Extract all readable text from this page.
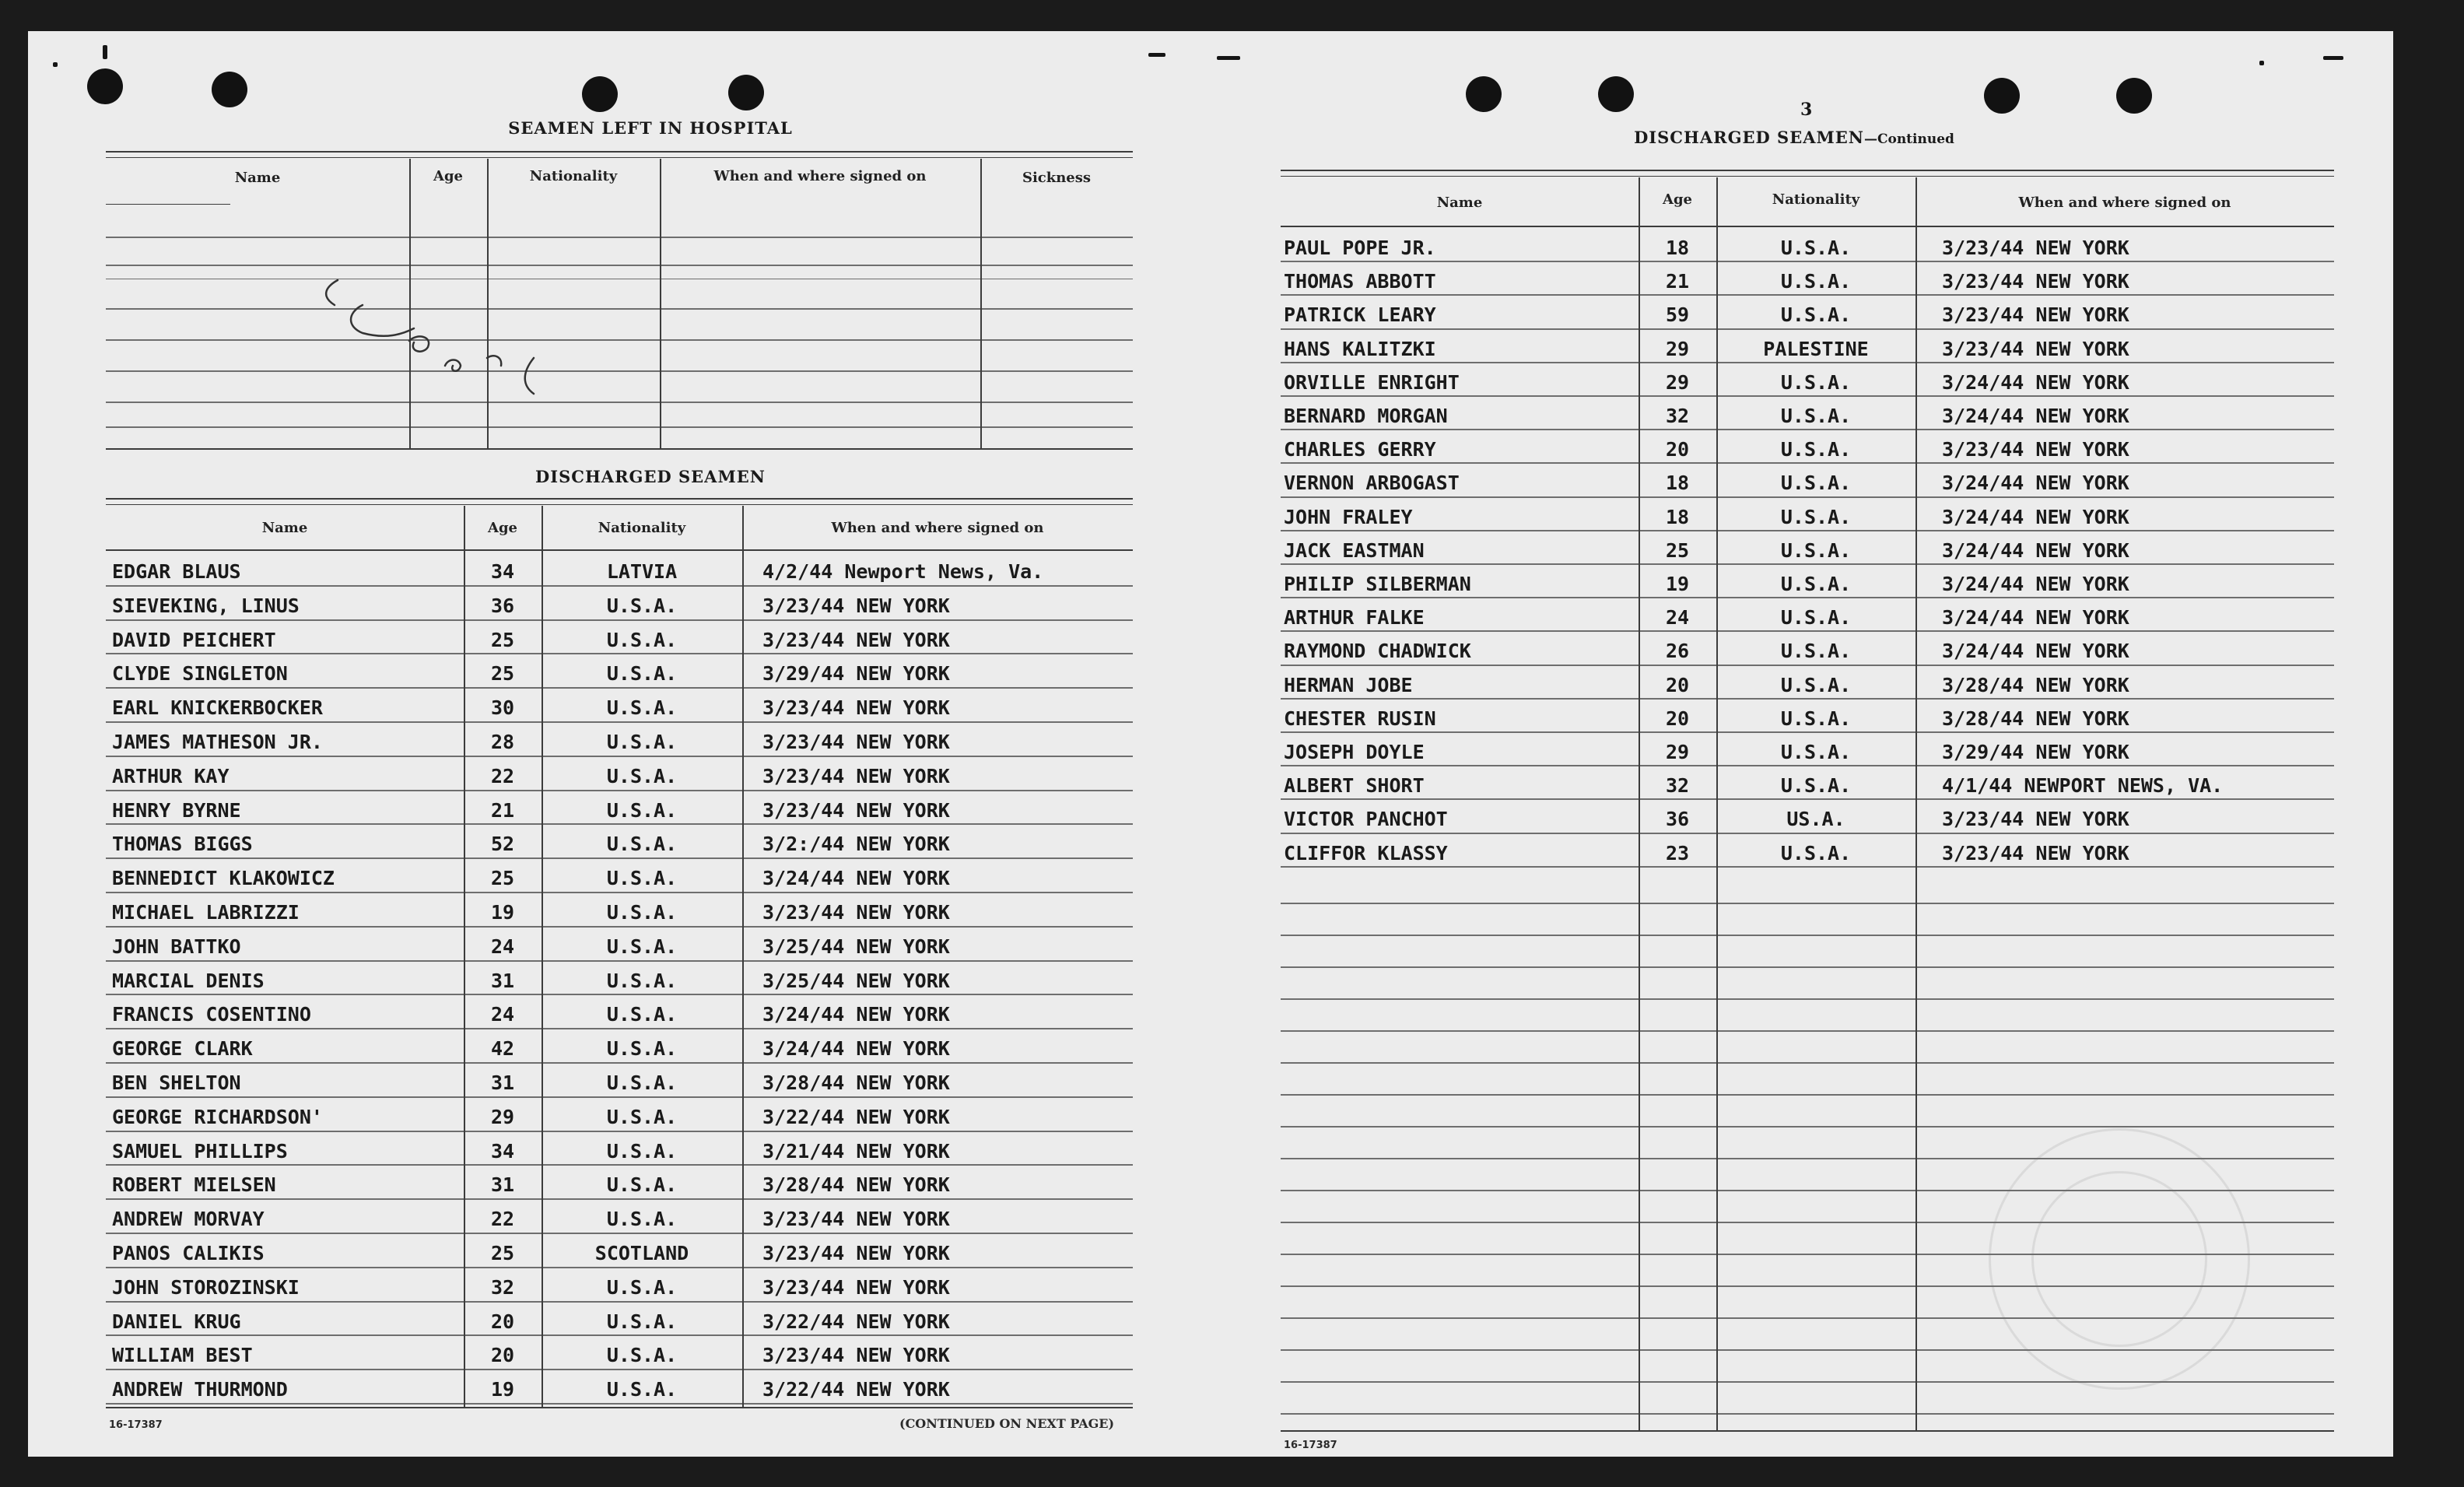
SEAMEN LEFT IN HOSPITAL
Name	Age	Nationality	When and where signed on	Sickness
DISCHARGED SEAMEN
Name	Age	Nationality	When and where signed on
EDGAR BLAUS	34	LATVIA	4/2/44 Newport News, Va.
SIEVEKING, LINUS	36	U.S.A.	3/23/44 NEW YORK
DAVID PEICHERT	25	U.S.A.	3/23/44 NEW YORK
CLYDE SINGLETON	25	U.S.A.	3/29/44 NEW YORK
EARL KNICKERBOCKER	30	U.S.A.	3/23/44 NEW YORK
JAMES MATHESON JR.	28	U.S.A.	3/23/44 NEW YORK
ARTHUR KAY	22	U.S.A.	3/23/44 NEW YORK
HENRY BYRNE	21	U.S.A.	3/23/44 NEW YORK
THOMAS BIGGS	52	U.S.A.	3/2:/44 NEW YORK
BENNEDICT KLAKOWICZ	25	U.S.A.	3/24/44 NEW YORK
MICHAEL LABRIZZI	19	U.S.A.	3/23/44 NEW YORK
JOHN BATTKO	24	U.S.A.	3/25/44 NEW YORK
MARCIAL DENIS	31	U.S.A.	3/25/44 NEW YORK
FRANCIS COSENTINO	24	U.S.A.	3/24/44 NEW YORK
GEORGE CLARK	42	U.S.A.	3/24/44 NEW YORK
BEN SHELTON	31	U.S.A.	3/28/44 NEW YORK
GEORGE RICHARDSON'	29	U.S.A.	3/22/44 NEW YORK
SAMUEL PHILLIPS	34	U.S.A.	3/21/44 NEW YORK
ROBERT MIELSEN	31	U.S.A.	3/28/44 NEW YORK
ANDREW MORVAY	22	U.S.A.	3/23/44 NEW YORK
PANOS CALIKIS	25	SCOTLAND	3/23/44 NEW YORK
JOHN STOROZINSKI	32	U.S.A.	3/23/44 NEW YORK
DANIEL KRUG	20	U.S.A.	3/22/44 NEW YORK
WILLIAM BEST	20	U.S.A.	3/23/44 NEW YORK
ANDREW THURMOND	19	U.S.A.	3/22/44 NEW YORK
16-17387	(CONTINUED ON NEXT PAGE)
3
DISCHARGED SEAMEN—Continued
Name	Age	Nationality	When and where signed on
PAUL POPE JR.	18	U.S.A.	3/23/44 NEW YORK
THOMAS ABBOTT	21	U.S.A.	3/23/44 NEW YORK
PATRICK LEARY	59	U.S.A.	3/23/44 NEW YORK
HANS KALITZKI	29	PALESTINE	3/23/44 NEW YORK
ORVILLE ENRIGHT	29	U.S.A.	3/24/44 NEW YORK
BERNARD MORGAN	32	U.S.A.	3/24/44 NEW YORK
CHARLES GERRY	20	U.S.A.	3/23/44 NEW YORK
VERNON ARBOGAST	18	U.S.A.	3/24/44 NEW YORK
JOHN FRALEY	18	U.S.A.	3/24/44 NEW YORK
JACK EASTMAN	25	U.S.A.	3/24/44 NEW YORK
PHILIP SILBERMAN	19	U.S.A.	3/24/44 NEW YORK
ARTHUR FALKE	24	U.S.A.	3/24/44 NEW YORK
RAYMOND CHADWICK	26	U.S.A.	3/24/44 NEW YORK
HERMAN JOBE	20	U.S.A.	3/28/44 NEW YORK
CHESTER RUSIN	20	U.S.A.	3/28/44 NEW YORK
JOSEPH DOYLE	29	U.S.A.	3/29/44 NEW YORK
ALBERT SHORT	32	U.S.A.	4/1/44 NEWPORT NEWS, VA.
VICTOR PANCHOT	36	US.A.	3/23/44 NEW YORK
CLIFFOR KLASSY	23	U.S.A.	3/23/44 NEW YORK
16-17387
